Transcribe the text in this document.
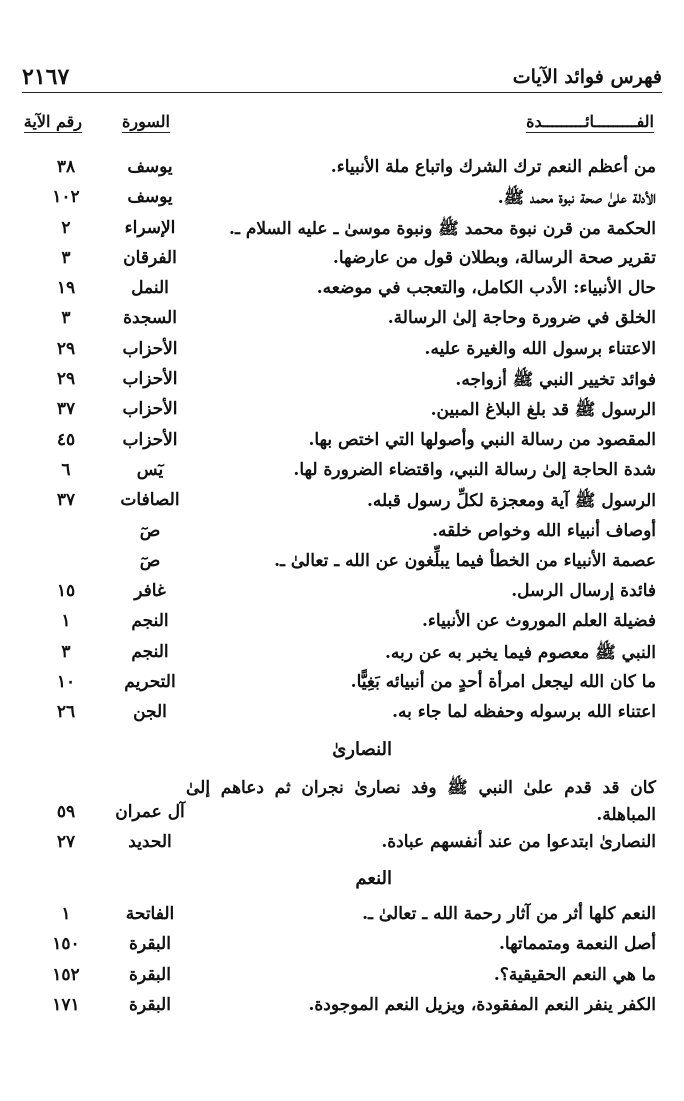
فهرس فوائد الآيات
٢١٦٧
الفـــــــــائـــــــــدة
السورة
رقم الآية
من أعظم النعم ترك الشرك واتباع ملة الأنبياء.
يوسف
٣٨
الأدلة علىٰ صحة نبوة محمد ﷺ.
يوسف
١٠٢
الحكمة من قرن نبوة محمد ﷺ ونبوة موسىٰ ـ عليه السلام ـ.
الإسراء
٢
تقرير صحة الرسالة، وبطلان قول من عارضها.
الفرقان
٣
حال الأنبياء: الأدب الكامل، والتعجب في موضعه.
النمل
١٩
الخلق في ضرورة وحاجة إلىٰ الرسالة.
السجدة
٣
الاعتناء برسول الله والغيرة عليه.
الأحزاب
٢٩
فوائد تخيير النبي ﷺ أزواجه.
الأحزاب
٢٩
الرسول ﷺ قد بلغ البلاغ المبين.
الأحزاب
٣٧
المقصود من رسالة النبي وأصولها التي اختص بها.
الأحزاب
٤٥
شدة الحاجة إلىٰ رسالة النبي، واقتضاء الضرورة لها.
يٓس
٦
الرسول ﷺ آية ومعجزة لكلِّ رسول قبله.
الصافات
٣٧
أوصاف أنبياء الله وخواص خلقه.
صٓ
عصمة الأنبياء من الخطأ فيما يبلِّغون عن الله ـ تعالىٰ ـ.
صٓ
فائدة إرسال الرسل.
غافر
١٥
فضيلة العلم الموروث عن الأنبياء.
النجم
١
النبي ﷺ معصوم فيما يخبر به عن ربه.
النجم
٣
ما كان الله ليجعل امرأة أحدٍ من أنبيائه بَغِيًّا.
التحريم
١٠
اعتناء الله برسوله وحفظه لما جاء به.
الجن
٢٦
النصارىٰ
كان قد قدم علىٰ النبي ﷺ وفد نصارىٰ نجران ثم دعاهم إلىٰ المباهلة.
آل عمران
٥٩
النصارىٰ ابتدعوا من عند أنفسهم عبادة.
الحديد
٢٧
النعم
النعم كلها أثر من آثار رحمة الله ـ تعالىٰ ـ.
الفاتحة
١
أصل النعمة ومتمماتها.
البقرة
١٥٠
ما هي النعم الحقيقية؟.
البقرة
١٥٢
الكفر ينفر النعم المفقودة، ويزيل النعم الموجودة.
البقرة
١٧١
